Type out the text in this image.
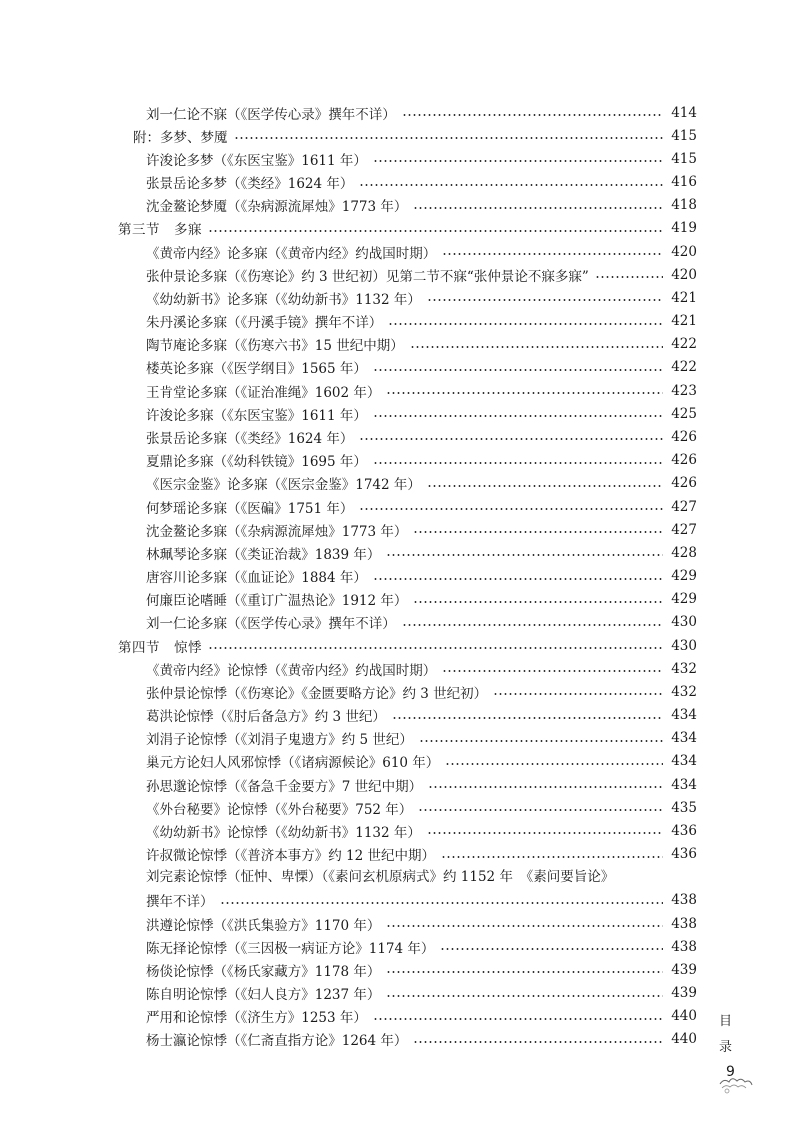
刘一仁论不寐（《医学传心录》撰年不详）	414
附：多梦、梦魇	415
许浚论多梦（《东医宝鉴》1611 年）	415
张景岳论多梦（《类经》1624 年）	416
沈金鳌论梦魇（《杂病源流犀烛》1773 年）	418
第三节　多寐	419
《黄帝内经》论多寐（《黄帝内经》约战国时期）	420
张仲景论多寐（《伤寒论》约 3 世纪初）见第二节不寐“张仲景论不寐多寐”	420
《幼幼新书》论多寐（《幼幼新书》1132 年）	421
朱丹溪论多寐（《丹溪手镜》撰年不详）	421
陶节庵论多寐（《伤寒六书》15 世纪中期）	422
楼英论多寐（《医学纲目》1565 年）	422
王肯堂论多寐（《证治准绳》1602 年）	423
许浚论多寐（《东医宝鉴》1611 年）	425
张景岳论多寐（《类经》1624 年）	426
夏鼎论多寐（《幼科铁镜》1695 年）	426
《医宗金鉴》论多寐（《医宗金鉴》1742 年）	426
何梦瑶论多寐（《医碥》1751 年）	427
沈金鳌论多寐（《杂病源流犀烛》1773 年）	427
林珮琴论多寐（《类证治裁》1839 年）	428
唐容川论多寐（《血证论》1884 年）	429
何廉臣论嗜睡（《重订广温热论》1912 年）	429
刘一仁论多寐（《医学传心录》撰年不详）	430
第四节　惊悸	430
《黄帝内经》论惊悸（《黄帝内经》约战国时期）	432
张仲景论惊悸（《伤寒论》《金匮要略方论》约 3 世纪初）	432
葛洪论惊悸（《肘后备急方》约 3 世纪）	434
刘涓子论惊悸（《刘涓子鬼遗方》约 5 世纪）	434
巢元方论妇人风邪惊悸（《诸病源候论》610 年）	434
孙思邈论惊悸（《备急千金要方》7 世纪中期）	434
《外台秘要》论惊悸（《外台秘要》752 年）	435
《幼幼新书》论惊悸（《幼幼新书》1132 年）	436
许叔微论惊悸（《普济本事方》约 12 世纪中期）	436
刘完素论惊悸（怔忡、卑慄）（《素问玄机原病式》约 1152 年　《素问要旨论》
撰年不详）	438
洪遵论惊悸（《洪氏集验方》1170 年）	438
陈无择论惊悸（《三因极一病证方论》1174 年）	438
杨倓论惊悸（《杨氏家藏方》1178 年）	439
陈自明论惊悸（《妇人良方》1237 年）	439
严用和论惊悸（《济生方》1253 年）	440
杨士瀛论惊悸（《仁斋直指方论》1264 年）	440
目
录
9
